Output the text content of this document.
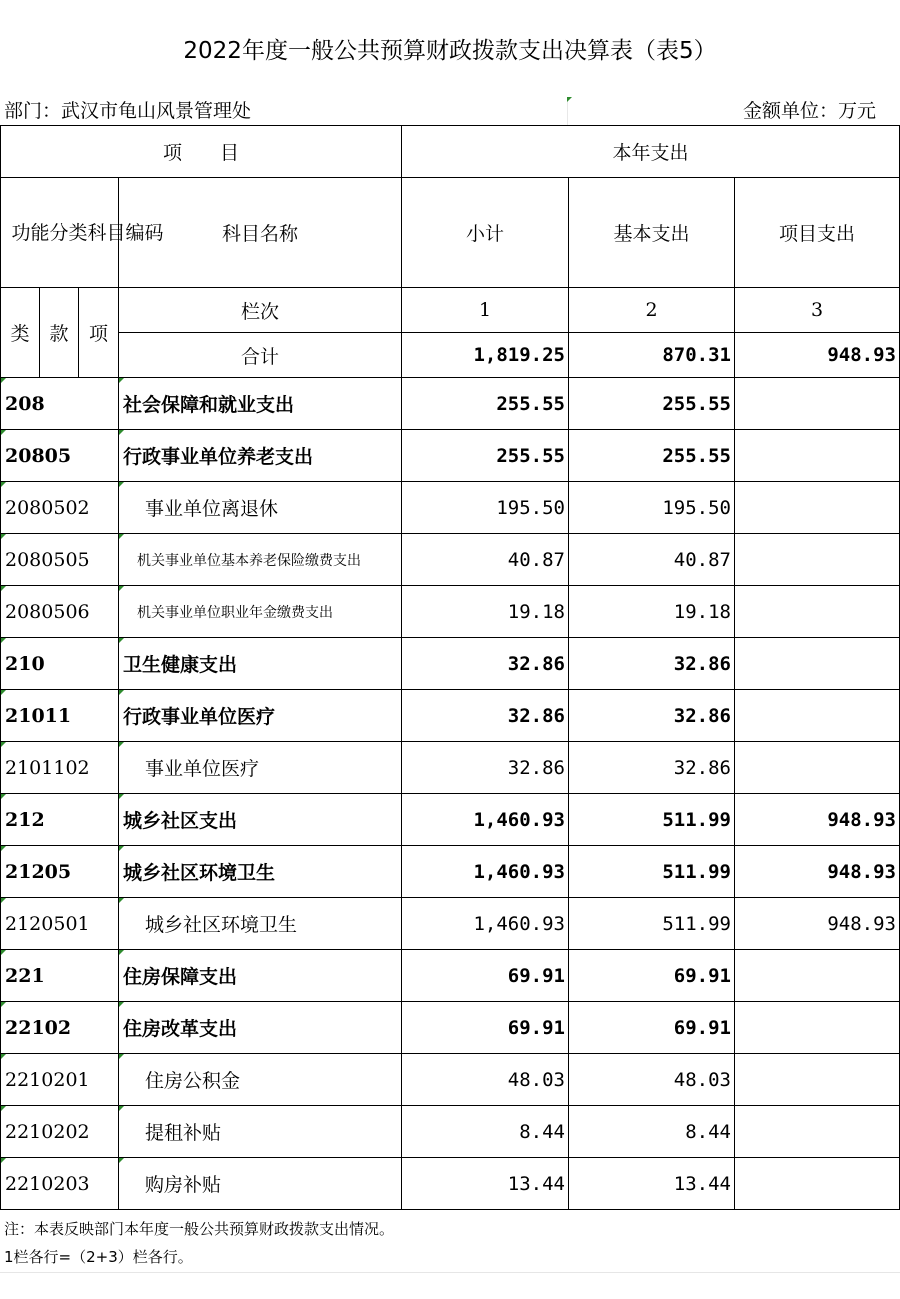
2022年度一般公共预算财政拨款支出决算表（表5）
部门：武汉市龟山风景管理处	金额单位：万元
项　　目				本年支出		

功能分类科目编码			科目名称	小计	基本支出	项目支出
类	款	项	栏次	1	2	3
			合计	1,819.25	870.31	948.93

208			社会保障和就业支出	255.55	255.55	

20805			行政事业单位养老支出	255.55	255.55	

2080502			事业单位离退休	195.50	195.50	

2080505			机关事业单位基本养老保险缴费支出	40.87	40.87	

2080506			机关事业单位职业年金缴费支出	19.18	19.18	

210			卫生健康支出	32.86	32.86	

21011			行政事业单位医疗	32.86	32.86	

2101102			事业单位医疗	32.86	32.86	

212			城乡社区支出	1,460.93	511.99	948.93

21205			城乡社区环境卫生	1,460.93	511.99	948.93

2120501			城乡社区环境卫生	1,460.93	511.99	948.93

221			住房保障支出	69.91	69.91	

22102			住房改革支出	69.91	69.91	

2210201			住房公积金	48.03	48.03	

2210202			提租补贴	8.44	8.44	

2210203			购房补贴	13.44	13.44	
注：本表反映部门本年度一般公共预算财政拨款支出情况。
1栏各行=（2+3）栏各行。
